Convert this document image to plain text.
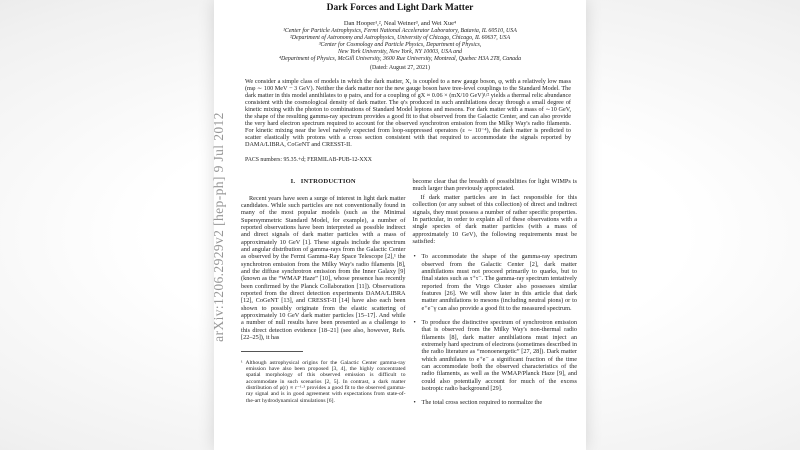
arXiv:1206.2929v2 [hep-ph] 9 Jul 2012
Dark Forces and Light Dark Matter
Dan Hooper¹,², Neal Weiner³, and Wei Xue⁴
¹Center for Particle Astrophysics, Fermi National Accelerator Laboratory, Batavia, IL 60510, USA
²Department of Astronomy and Astrophysics, University of Chicago, Chicago, IL 60637, USA
³Center for Cosmology and Particle Physics, Department of Physics,
New York University, New York, NY 10003, USA and
⁴Department of Physics, McGill University, 3600 Rue University, Montreal, Quebec H3A 2T8, Canada
(Dated: August 27, 2021)
We consider a simple class of models in which the dark matter, X, is coupled to a new gauge boson, φ, with a relatively low mass (mφ ∼ 100 MeV − 3 GeV). Neither the dark matter nor the new gauge boson have tree-level couplings to the Standard Model. The dark matter in this model annihilates to φ pairs, and for a coupling of gX ≈ 0.06 × (mX/10 GeV)¹/² yields a thermal relic abundance consistent with the cosmological density of dark matter. The φ's produced in such annihilations decay through a small degree of kinetic mixing with the photon to combinations of Standard Model leptons and mesons. For dark matter with a mass of ∼10 GeV, the shape of the resulting gamma-ray spectrum provides a good fit to that observed from the Galactic Center, and can also provide the very hard electron spectrum required to account for the observed synchrotron emission from the Milky Way's radio filaments. For kinetic mixing near the level naively expected from loop-suppressed operators (ε ∼ 10⁻⁴), the dark matter is predicted to scatter elastically with protons with a cross section consistent with that required to accommodate the signals reported by DAMA/LIBRA, CoGeNT and CRESST-II.
PACS numbers: 95.35.+d; FERMILAB-PUB-12-XXX
I.   INTRODUCTION
Recent years have seen a surge of interest in light dark matter candidates. While such particles are not conventionally found in many of the most popular models (such as the Minimal Supersymmetric Standard Model, for example), a number of reported observations have been interpreted as possible indirect and direct signals of dark matter particles with a mass of approximately 10 GeV [1]. These signals include the spectrum and angular distribution of gamma-rays from the Galactic Center as observed by the Fermi Gamma-Ray Space Telescope [2],¹ the synchrotron emission from the Milky Way's radio filaments [8], and the diffuse synchrotron emission from the Inner Galaxy [9] (known as the “WMAP Haze” [10], whose presence has recently been confirmed by the Planck Collaboration [11]). Observations reported from the direct detection experiments DAMA/LIBRA [12], CoGeNT [13], and CRESST-II [14] have also each been shown to possibly originate from the elastic scattering of approximately 10 GeV dark matter particles [15–17]. And while a number of null results have been presented as a challenge to this direct detection evidence [18–21] (see also, however, Refs. [22–25]), it has
¹ Although astrophysical origins for the Galactic Center gamma-ray emission have also been proposed [3, 4], the highly concentrated spatial morphology of this observed emission is difficult to accommodate in such scenarios [2, 5]. In contrast, a dark matter distribution of ρ(r) ∝ r⁻¹·³ provides a good fit to the observed gamma-ray signal and is in good agreement with expectations from state-of-the-art hydrodynamical simulations [6].
become clear that the breadth of possibilities for light WIMPs is much larger than previously appreciated.
If dark matter particles are in fact responsible for this collection (or any subset of this collection) of direct and indirect signals, they must possess a number of rather specific properties. In particular, in order to explain all of these observations with a single species of dark matter particles (with a mass of approximately 10 GeV), the following requirements must be satisfied:
• To accommodate the shape of the gamma-ray spectrum observed from the Galactic Center [2], dark matter annihilations must not proceed primarily to quarks, but to final states such as τ⁺τ⁻. The gamma-ray spectrum tentatively reported from the Virgo Cluster also possesses similar features [26]. We will show later in this article that dark matter annihilations to mesons (including neutral pions) or to e⁺e⁻γ can also provide a good fit to the measured spectrum.
• To produce the distinctive spectrum of synchrotron emission that is observed from the Milky Way's non-thermal radio filaments [8], dark matter annihilations must inject an extremely hard spectrum of electrons (sometimes described in the radio literature as “monoenergetic” [27, 28]). Dark matter which annihilates to e⁺e⁻ a significant fraction of the time can accommodate both the observed characteristics of the radio filaments, as well as the WMAP/Planck Haze [9], and could also potentially account for much of the excess isotropic radio background [29].
• The total cross section required to normalize the
